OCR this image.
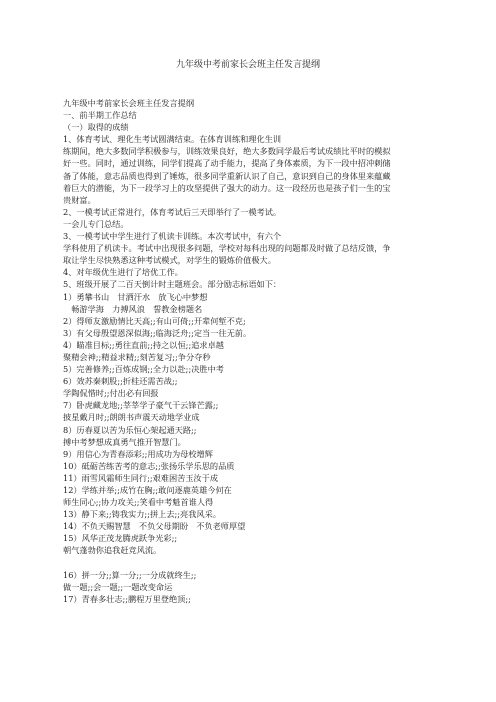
九年级中考前家长会班主任发言提纲
九年级中考前家长会班主任发言提纲
一、前半期工作总结
（一）取得的成绩
1、体育考试、理化生考试圆满结束。在体育训练和理化生训
练期间，绝大多数同学积极参与，训练效果良好，绝大多数同学最后考试成绩比平时的模拟
好一些。同时，通过训练，同学们提高了动手能力，提高了身体素质，为下一段中招冲刺储
备了体能，意志品质也得到了锤炼，很多同学重新认识了自己，意识到自己的身体里来蕴藏
着巨大的潜能，为下一段学习上的攻坚提供了强大的动力。这一段经历也是孩子们一生的宝
贵财富。
2、一模考试正常进行，体育考试后三天即举行了一模考试。
一会儿专门总结。
3、一模考试中学生进行了机读卡训练。本次考试中，有六个
学科使用了机读卡。考试中出现很多问题，学校对每科出现的问题都及时做了总结反馈，争
取让学生尽快熟悉这种考试模式，对学生的锻炼价值极大。
4、对年级优生进行了培优工作。
5、班级开展了二百天倒计时主题班会。部分励志标语如下：
1）勇攀书山　甘洒汗水　放飞心中梦想
　畅游学海　力搏风浪　誓教金榜题名
2）得师友激励情比天高;;有山可倚;;开辈何堑不克;
3）有父母殷望恩深似海;;临海泛舟;;定当一往无前。
4）瞄准目标;;勇往直前;;持之以恒;;追求卓越
聚精会神;;精益求精;;刻苦复习;;争分夺秒
5）完善修养;;百炼成钢;;全力以赴;;决胜中考
6）效苏秦刺股;;折桂还需苦战;;
学陶侃惜时;;付出必有回报
7）卧虎藏龙地;;莘莘学子豪气干云锋芒露;;
披星戴月时;;朗朗书声震天动地学业成
8）历春夏以苦为乐恒心架起通天路;;
搏中考梦想成真勇气推开智慧门。
9）用信心为青春添彩;;用成功为母校增辉
10）砥砺苦练苦考的意志;;张扬乐学乐思的品质
11）雨雪风霜师生同行;;艰难困苦玉汝于成
12）学练并举;;成竹在胸;;敢问逐鹿英雄今何在
师生同心;;协力攻关;;笑看中考魁首谁人得
13）静下来;;铸我实力;;拼上去;;亮我风采。
14）不负天赐智慧　不负父母期盼　不负老师厚望
15）风华正茂龙腾虎跃争光彩;;
朝气蓬勃你追我赶竞风流。
16）拼一分;;算一分;;一分成就终生;;
做一题;;会一题;;一题改变命运
17）青春多壮志;;鹏程万里登绝顶;;
